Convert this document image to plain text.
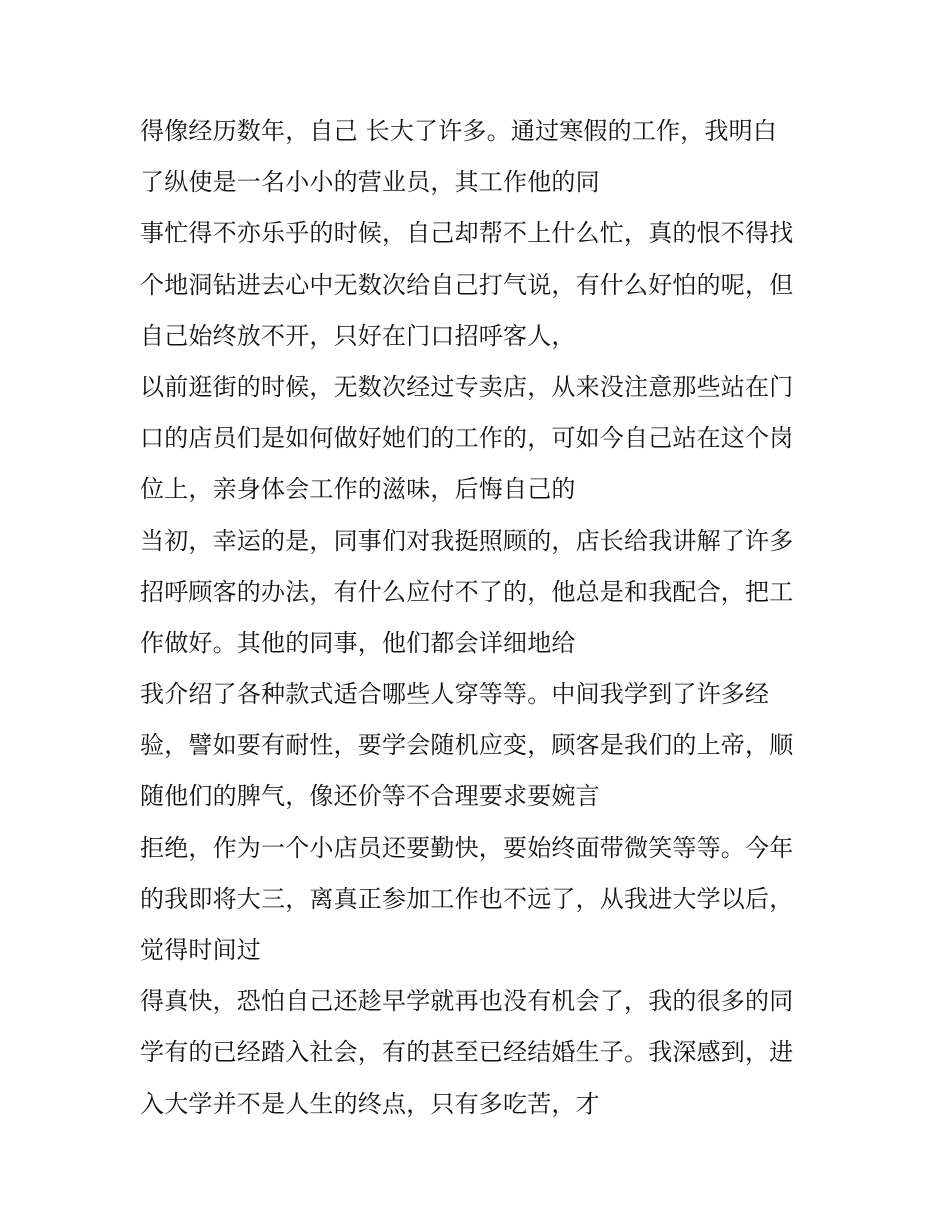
得像经历数年，自己 长大了许多。通过寒假的工作，我明白
了纵使是一名小小的营业员，其工作他的同
事忙得不亦乐乎的时候，自己却帮不上什么忙，真的恨不得找
个地洞钻进去心中无数次给自己打气说，有什么好怕的呢，但
自己始终放不开，只好在门口招呼客人，
以前逛街的时候，无数次经过专卖店，从来没注意那些站在门
口的店员们是如何做好她们的工作的，可如今自己站在这个岗
位上，亲身体会工作的滋味，后悔自己的
当初，幸运的是，同事们对我挺照顾的，店长给我讲解了许多
招呼顾客的办法，有什么应付不了的，他总是和我配合，把工
作做好。其他的同事，他们都会详细地给
我介绍了各种款式适合哪些人穿等等。中间我学到了许多经
验，譬如要有耐性，要学会随机应变，顾客是我们的上帝，顺
随他们的脾气，像还价等不合理要求要婉言
拒绝，作为一个小店员还要勤快，要始终面带微笑等等。今年
的我即将大三，离真正参加工作也不远了，从我进大学以后，
觉得时间过
得真快，恐怕自己还趁早学就再也没有机会了，我的很多的同
学有的已经踏入社会，有的甚至已经结婚生子。我深感到，进
入大学并不是人生的终点，只有多吃苦，才
